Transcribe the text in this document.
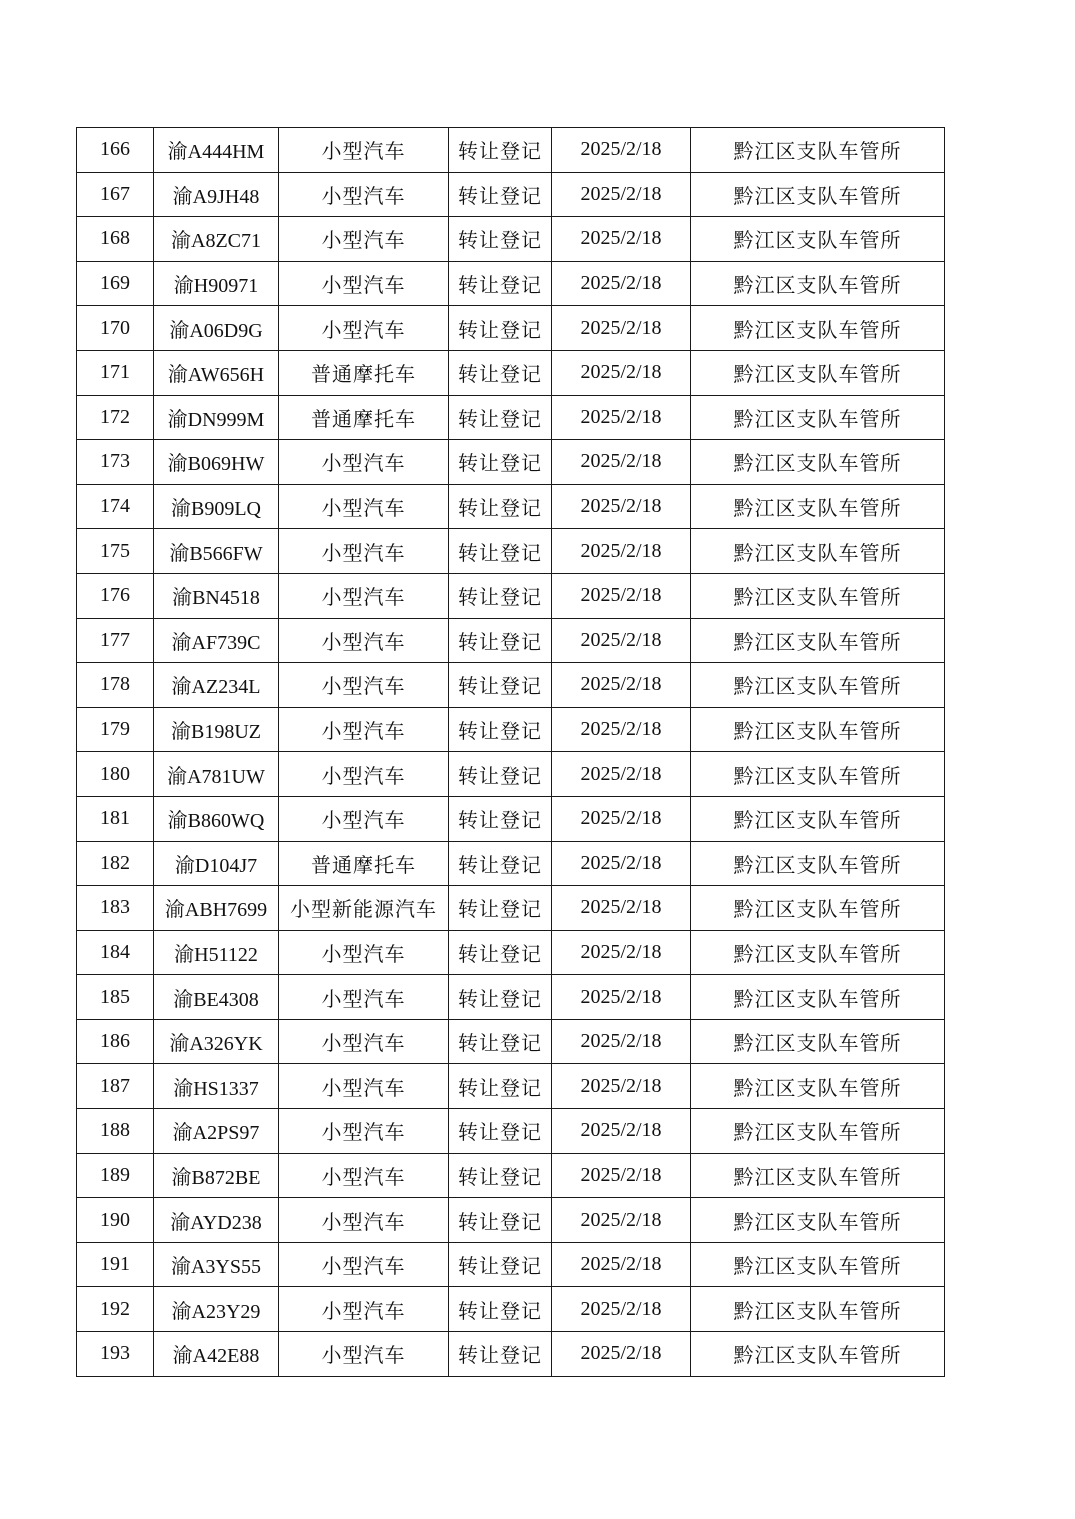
166	渝A444HM	小型汽车	转让登记	2025/2/18	黔江区支队车管所
167	渝A9JH48	小型汽车	转让登记	2025/2/18	黔江区支队车管所
168	渝A8ZC71	小型汽车	转让登记	2025/2/18	黔江区支队车管所
169	渝H90971	小型汽车	转让登记	2025/2/18	黔江区支队车管所
170	渝A06D9G	小型汽车	转让登记	2025/2/18	黔江区支队车管所
171	渝AW656H	普通摩托车	转让登记	2025/2/18	黔江区支队车管所
172	渝DN999M	普通摩托车	转让登记	2025/2/18	黔江区支队车管所
173	渝B069HW	小型汽车	转让登记	2025/2/18	黔江区支队车管所
174	渝B909LQ	小型汽车	转让登记	2025/2/18	黔江区支队车管所
175	渝B566FW	小型汽车	转让登记	2025/2/18	黔江区支队车管所
176	渝BN4518	小型汽车	转让登记	2025/2/18	黔江区支队车管所
177	渝AF739C	小型汽车	转让登记	2025/2/18	黔江区支队车管所
178	渝AZ234L	小型汽车	转让登记	2025/2/18	黔江区支队车管所
179	渝B198UZ	小型汽车	转让登记	2025/2/18	黔江区支队车管所
180	渝A781UW	小型汽车	转让登记	2025/2/18	黔江区支队车管所
181	渝B860WQ	小型汽车	转让登记	2025/2/18	黔江区支队车管所
182	渝D104J7	普通摩托车	转让登记	2025/2/18	黔江区支队车管所
183	渝ABH7699	小型新能源汽车	转让登记	2025/2/18	黔江区支队车管所
184	渝H51122	小型汽车	转让登记	2025/2/18	黔江区支队车管所
185	渝BE4308	小型汽车	转让登记	2025/2/18	黔江区支队车管所
186	渝A326YK	小型汽车	转让登记	2025/2/18	黔江区支队车管所
187	渝HS1337	小型汽车	转让登记	2025/2/18	黔江区支队车管所
188	渝A2PS97	小型汽车	转让登记	2025/2/18	黔江区支队车管所
189	渝B872BE	小型汽车	转让登记	2025/2/18	黔江区支队车管所
190	渝AYD238	小型汽车	转让登记	2025/2/18	黔江区支队车管所
191	渝A3YS55	小型汽车	转让登记	2025/2/18	黔江区支队车管所
192	渝A23Y29	小型汽车	转让登记	2025/2/18	黔江区支队车管所
193	渝A42E88	小型汽车	转让登记	2025/2/18	黔江区支队车管所
